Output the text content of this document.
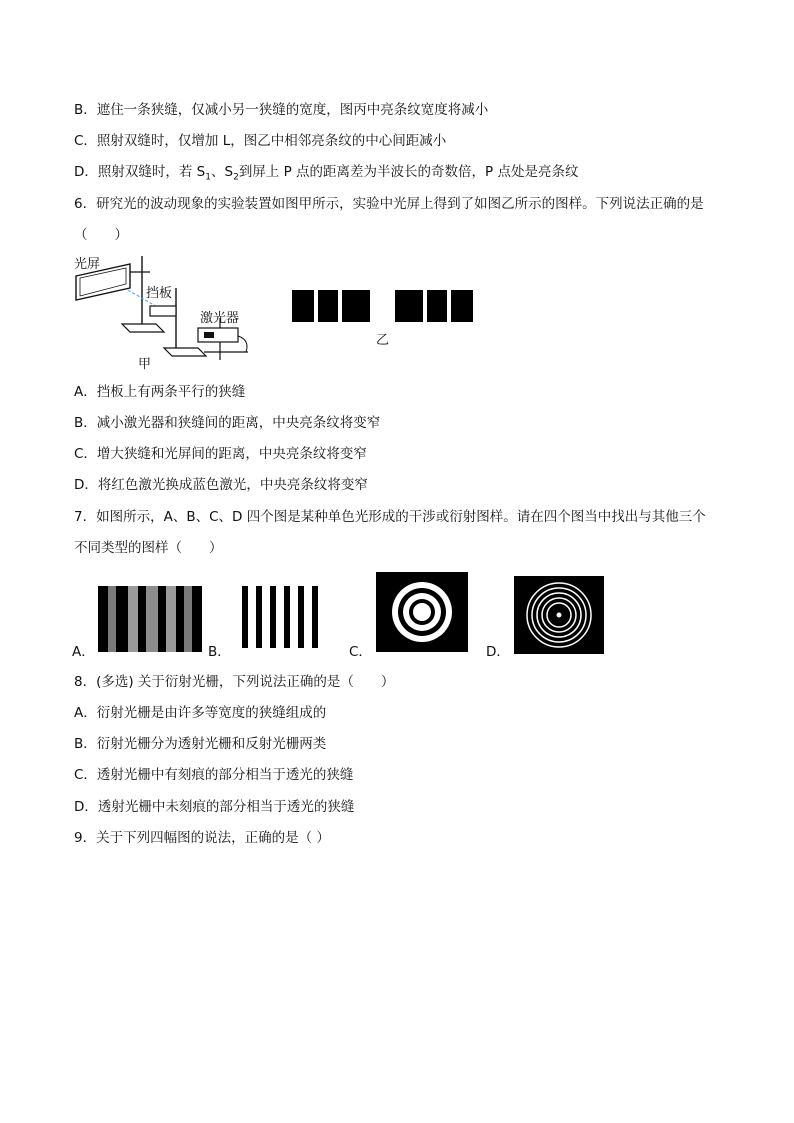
B．遮住一条狭缝，仅减小另一狭缝的宽度，图丙中亮条纹宽度将减小
C．照射双缝时，仅增加 L，图乙中相邻亮条纹的中心间距减小
D．照射双缝时，若 $S_1$、$S_2$到屏上 P 点的距离差为半波长的奇数倍，P 点处是亮条纹
6．研究光的波动现象的实验装置如图甲所示，实验中光屏上得到了如图乙所示的图样。下列说法正确的是
（　　）
光屏
挡板
激光器
甲
乙
A．挡板上有两条平行的狭缝
B．减小激光器和狭缝间的距离，中央亮条纹将变窄
C．增大狭缝和光屏间的距离，中央亮条纹将变窄
D．将红色激光换成蓝色激光，中央亮条纹将变窄
7．如图所示，A、B、C、D 四个图是某种单色光形成的干涉或衍射图样。请在四个图当中找出与其他三个
不同类型的图样（　　）
A．	B．	C．	D．
8．(多选) 关于衍射光栅，下列说法正确的是（　　）
A．衍射光栅是由许多等宽度的狭缝组成的
B．衍射光栅分为透射光栅和反射光栅两类
C．透射光栅中有刻痕的部分相当于透光的狭缝
D．透射光栅中未刻痕的部分相当于透光的狭缝
9．关于下列四幅图的说法，正确的是（ ）
